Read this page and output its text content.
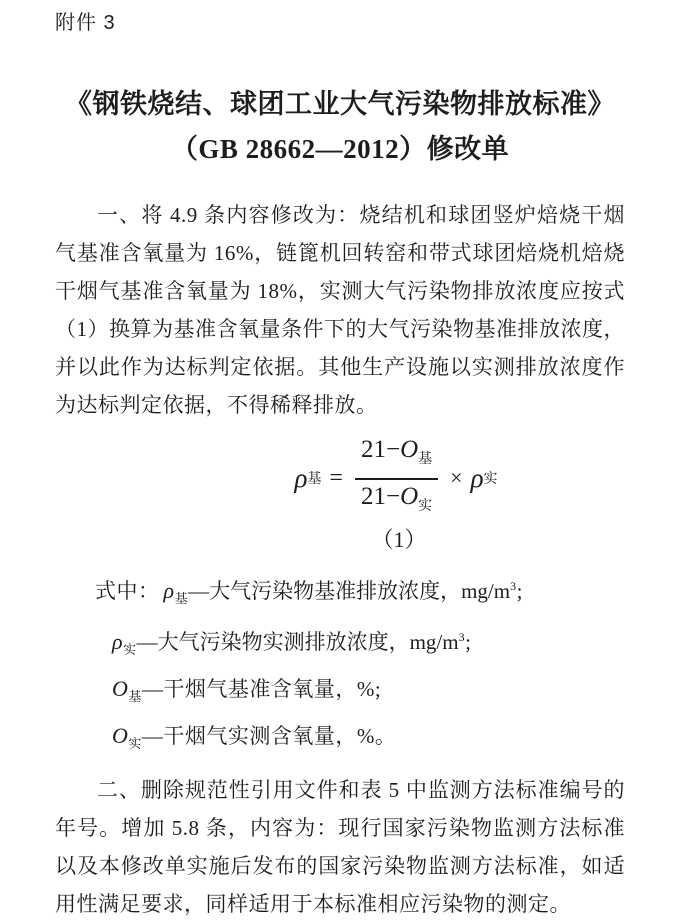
附件 3
《钢铁烧结、球团工业大气污染物排放标准》
（GB 28662—2012）修改单

一、将 4.9 条内容修改为：烧结机和球团竖炉焙烧干烟气基准含氧量为 16%，链篦机回转窑和带式球团焙烧机焙烧干烟气基准含氧量为 18%，实测大气污染物排放浓度应按式（1）换算为基准含氧量条件下的大气污染物基准排放浓度，并以此作为达标判定依据。其他生产设施以实测排放浓度作为达标判定依据，不得稀释排放。

ρ 基 = $\frac{21-O_基}{21-O_实} \times \rho$ 实
（1）
式中： $\rho_基—$大气污染物基准排放浓度，$mg/m^3$;
$\rho_实—$大气污染物实测排放浓度，$mg/m^3$;
$O_基—$干烟气基准含氧量，%;
$O_实—$干烟气实测含氧量，%。

二、删除规范性引用文件和表 5 中监测方法标准编号的年号。增加 5.8 条，内容为：现行国家污染物监测方法标准以及本修改单实施后发布的国家污染物监测方法标准，如适用性满足要求，同样适用于本标准相应污染物的测定。
